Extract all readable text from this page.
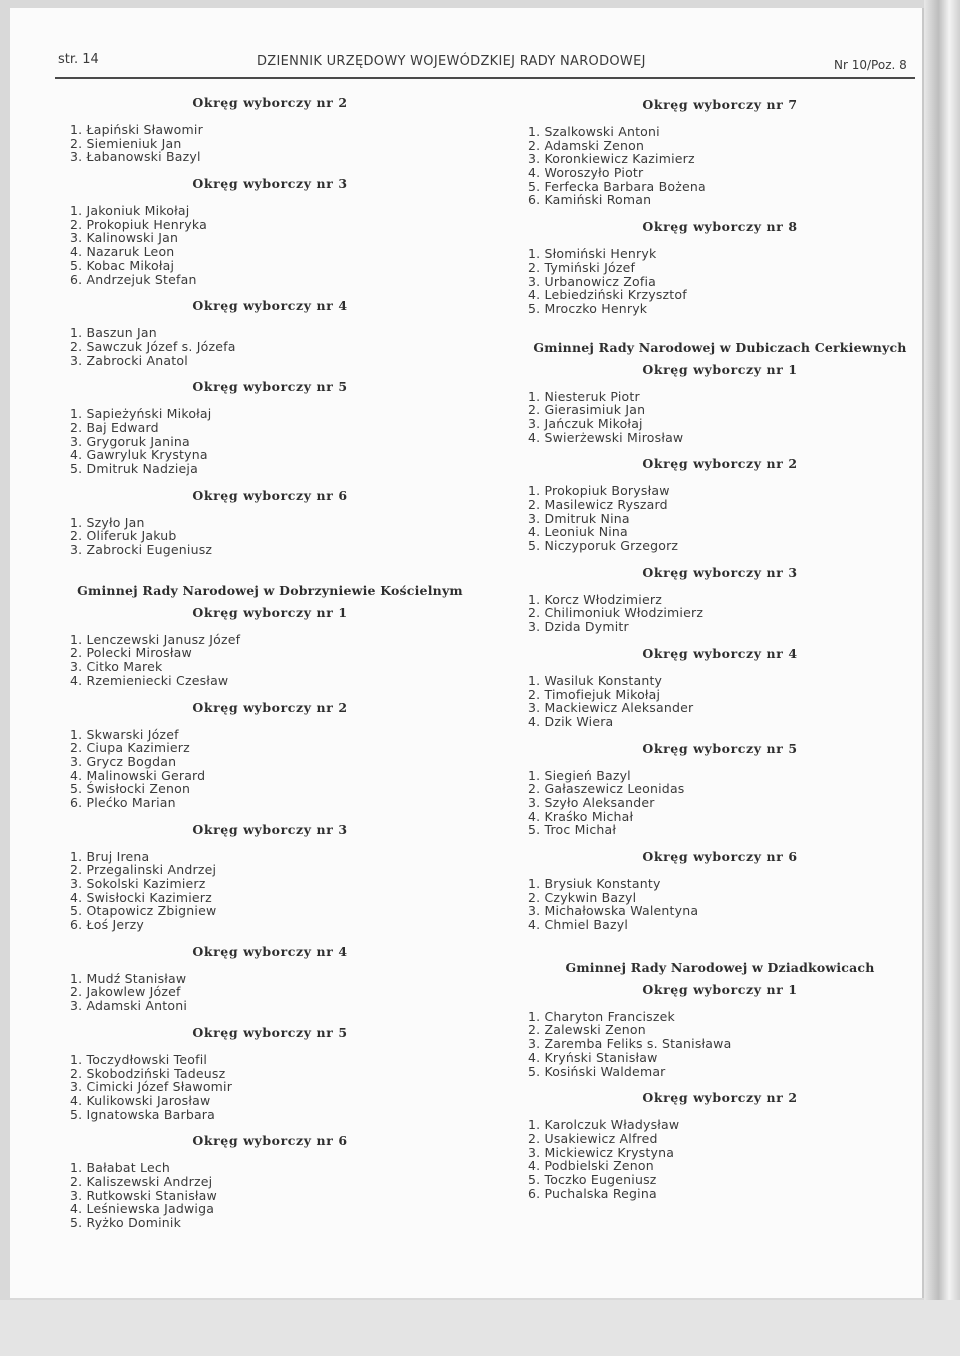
str. 14	DZIENNIK URZĘDOWY WOJEWÓDZKIEJ RADY NARODOWEJ	Nr 10/Poz. 8
Okręg wyborczy nr 2
1. Łapiński Sławomir
2. Siemieniuk Jan
3. Łabanowski Bazyl
Okręg wyborczy nr 3
1. Jakoniuk Mikołaj
2. Prokopiuk Henryka
3. Kalinowski Jan
4. Nazaruk Leon
5. Kobac Mikołaj
6. Andrzejuk Stefan
Okręg wyborczy nr 4
1. Baszun Jan
2. Sawczuk Józef s. Józefa
3. Zabrocki Anatol
Okręg wyborczy nr 5
1. Sapieżyński Mikołaj
2. Baj Edward
3. Grygoruk Janina
4. Gawryluk Krystyna
5. Dmitruk Nadzieja
Okręg wyborczy nr 6
1. Szyło Jan
2. Oliferuk Jakub
3. Zabrocki Eugeniusz
Gminnej Rady Narodowej w Dobrzyniewie Kościelnym
Okręg wyborczy nr 1
1. Lenczewski Janusz Józef
2. Polecki Mirosław
3. Citko Marek
4. Rzemieniecki Czesław
Okręg wyborczy nr 2
1. Skwarski Józef
2. Ciupa Kazimierz
3. Grycz Bogdan
4. Malinowski Gerard
5. Świsłocki Zenon
6. Plećko Marian
Okręg wyborczy nr 3
1. Bruj Irena
2. Przegalinski Andrzej
3. Sokolski Kazimierz
4. Swisłocki Kazimierz
5. Otapowicz Zbigniew
6. Łoś Jerzy
Okręg wyborczy nr 4
1. Mudź Stanisław
2. Jakowlew Józef
3. Adamski Antoni
Okręg wyborczy nr 5
1. Toczydłowski Teofil
2. Skobodziński Tadeusz
3. Cimicki Józef Sławomir
4. Kulikowski Jarosław
5. Ignatowska Barbara
Okręg wyborczy nr 6
1. Bałabat Lech
2. Kaliszewski Andrzej
3. Rutkowski Stanisław
4. Leśniewska Jadwiga
5. Ryżko Dominik
Okręg wyborczy nr 7
1. Szalkowski Antoni
2. Adamski Zenon
3. Koronkiewicz Kazimierz
4. Woroszyło Piotr
5. Ferfecka Barbara Bożena
6. Kamiński Roman
Okręg wyborczy nr 8
1. Słomiński Henryk
2. Tymiński Józef
3. Urbanowicz Zofia
4. Lebiedziński Krzysztof
5. Mroczko Henryk
Gminnej Rady Narodowej w Dubiczach Cerkiewnych
Okręg wyborczy nr 1
1. Niesteruk Piotr
2. Gierasimiuk Jan
3. Jańczuk Mikołaj
4. Swierżewski Mirosław
Okręg wyborczy nr 2
1. Prokopiuk Borysław
2. Masilewicz Ryszard
3. Dmitruk Nina
4. Leoniuk Nina
5. Niczyporuk Grzegorz
Okręg wyborczy nr 3
1. Korcz Włodzimierz
2. Chilimoniuk Włodzimierz
3. Dzida Dymitr
Okręg wyborczy nr 4
1. Wasiluk Konstanty
2. Timofiejuk Mikołaj
3. Mackiewicz Aleksander
4. Dzik Wiera
Okręg wyborczy nr 5
1. Siegień Bazyl
2. Gałaszewicz Leonidas
3. Szyło Aleksander
4. Kraśko Michał
5. Troc Michał
Okręg wyborczy nr 6
1. Brysiuk Konstanty
2. Czykwin Bazyl
3. Michałowska Walentyna
4. Chmiel Bazyl
Gminnej Rady Narodowej w Dziadkowicach
Okręg wyborczy nr 1
1. Charyton Franciszek
2. Zalewski Zenon
3. Zaremba Feliks s. Stanisława
4. Kryński Stanisław
5. Kosiński Waldemar
Okręg wyborczy nr 2
1. Karolczuk Władysław
2. Usakiewicz Alfred
3. Mickiewicz Krystyna
4. Podbielski Zenon
5. Toczko Eugeniusz
6. Puchalska Regina
